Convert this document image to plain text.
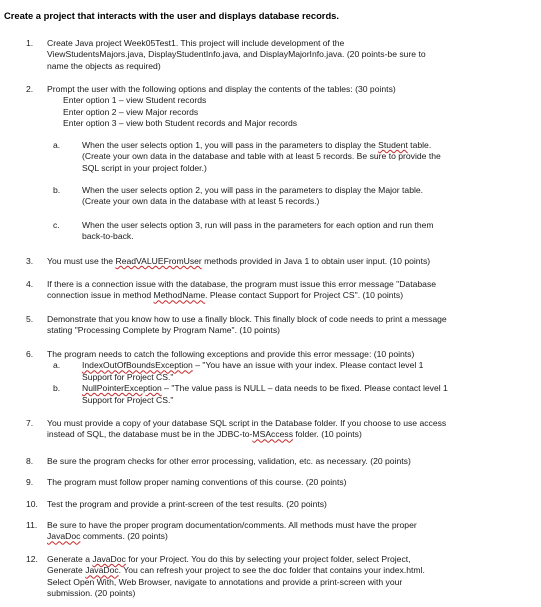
Create a project that interacts with the user and displays database records.
1.	Create Java project Week05Test1. This project will include development of the
ViewStudentsMajors.java, DisplayStudentInfo.java, and DisplayMajorInfo.java. (20 points-be sure to
name the objects as required)
2.	Prompt the user with the following options and display the contents of the tables: (30 points)
Enter option 1 – view Student records
Enter option 2 – view Major records
Enter option 3 – view both Student records and Major records
a.	When the user selects option 1, you will pass in the parameters to display the Student table.
(Create your own data in the database and table with at least 5 records. Be sure to provide the
SQL script in your project folder.)
b.	When the user selects option 2, you will pass in the parameters to display the Major table.
(Create your own data in the database with at least 5 records.)
c.	When the user selects option 3, run will pass in the parameters for each option and run them
back-to-back.
3.	You must use the ReadVALUEFromUser methods provided in Java 1 to obtain user input. (10 points)
4.	If there is a connection issue with the database, the program must issue this error message "Database
connection issue in method MethodName. Please contact Support for Project CS". (10 points)
5.	Demonstrate that you know how to use a finally block. This finally block of code needs to print a message
stating "Processing Complete by Program Name". (10 points)
6.	The program needs to catch the following exceptions and provide this error message: (10 points)
a.	IndexOutOfBoundsException – "You have an issue with your index. Please contact level 1
Support for Project CS."
b.	NullPointerException – "The value pass is NULL – data needs to be fixed. Please contact level 1
Support for Project CS."
7.	You must provide a copy of your database SQL script in the Database folder. If you choose to use access
instead of SQL, the database must be in the JDBC-to-MSAccess folder. (10 points)
8.	Be sure the program checks for other error processing, validation, etc. as necessary. (20 points)
9.	The program must follow proper naming conventions of this course. (20 points)
10.	Test the program and provide a print-screen of the test results. (20 points)
11.	Be sure to have the proper program documentation/comments. All methods must have the proper
JavaDoc comments. (20 points)
12.	Generate a JavaDoc for your Project. You do this by selecting your project folder, select Project,
Generate JavaDoc. You can refresh your project to see the doc folder that contains your index.html.
Select Open With, Web Browser, navigate to annotations and provide a print-screen with your
submission. (20 points)
